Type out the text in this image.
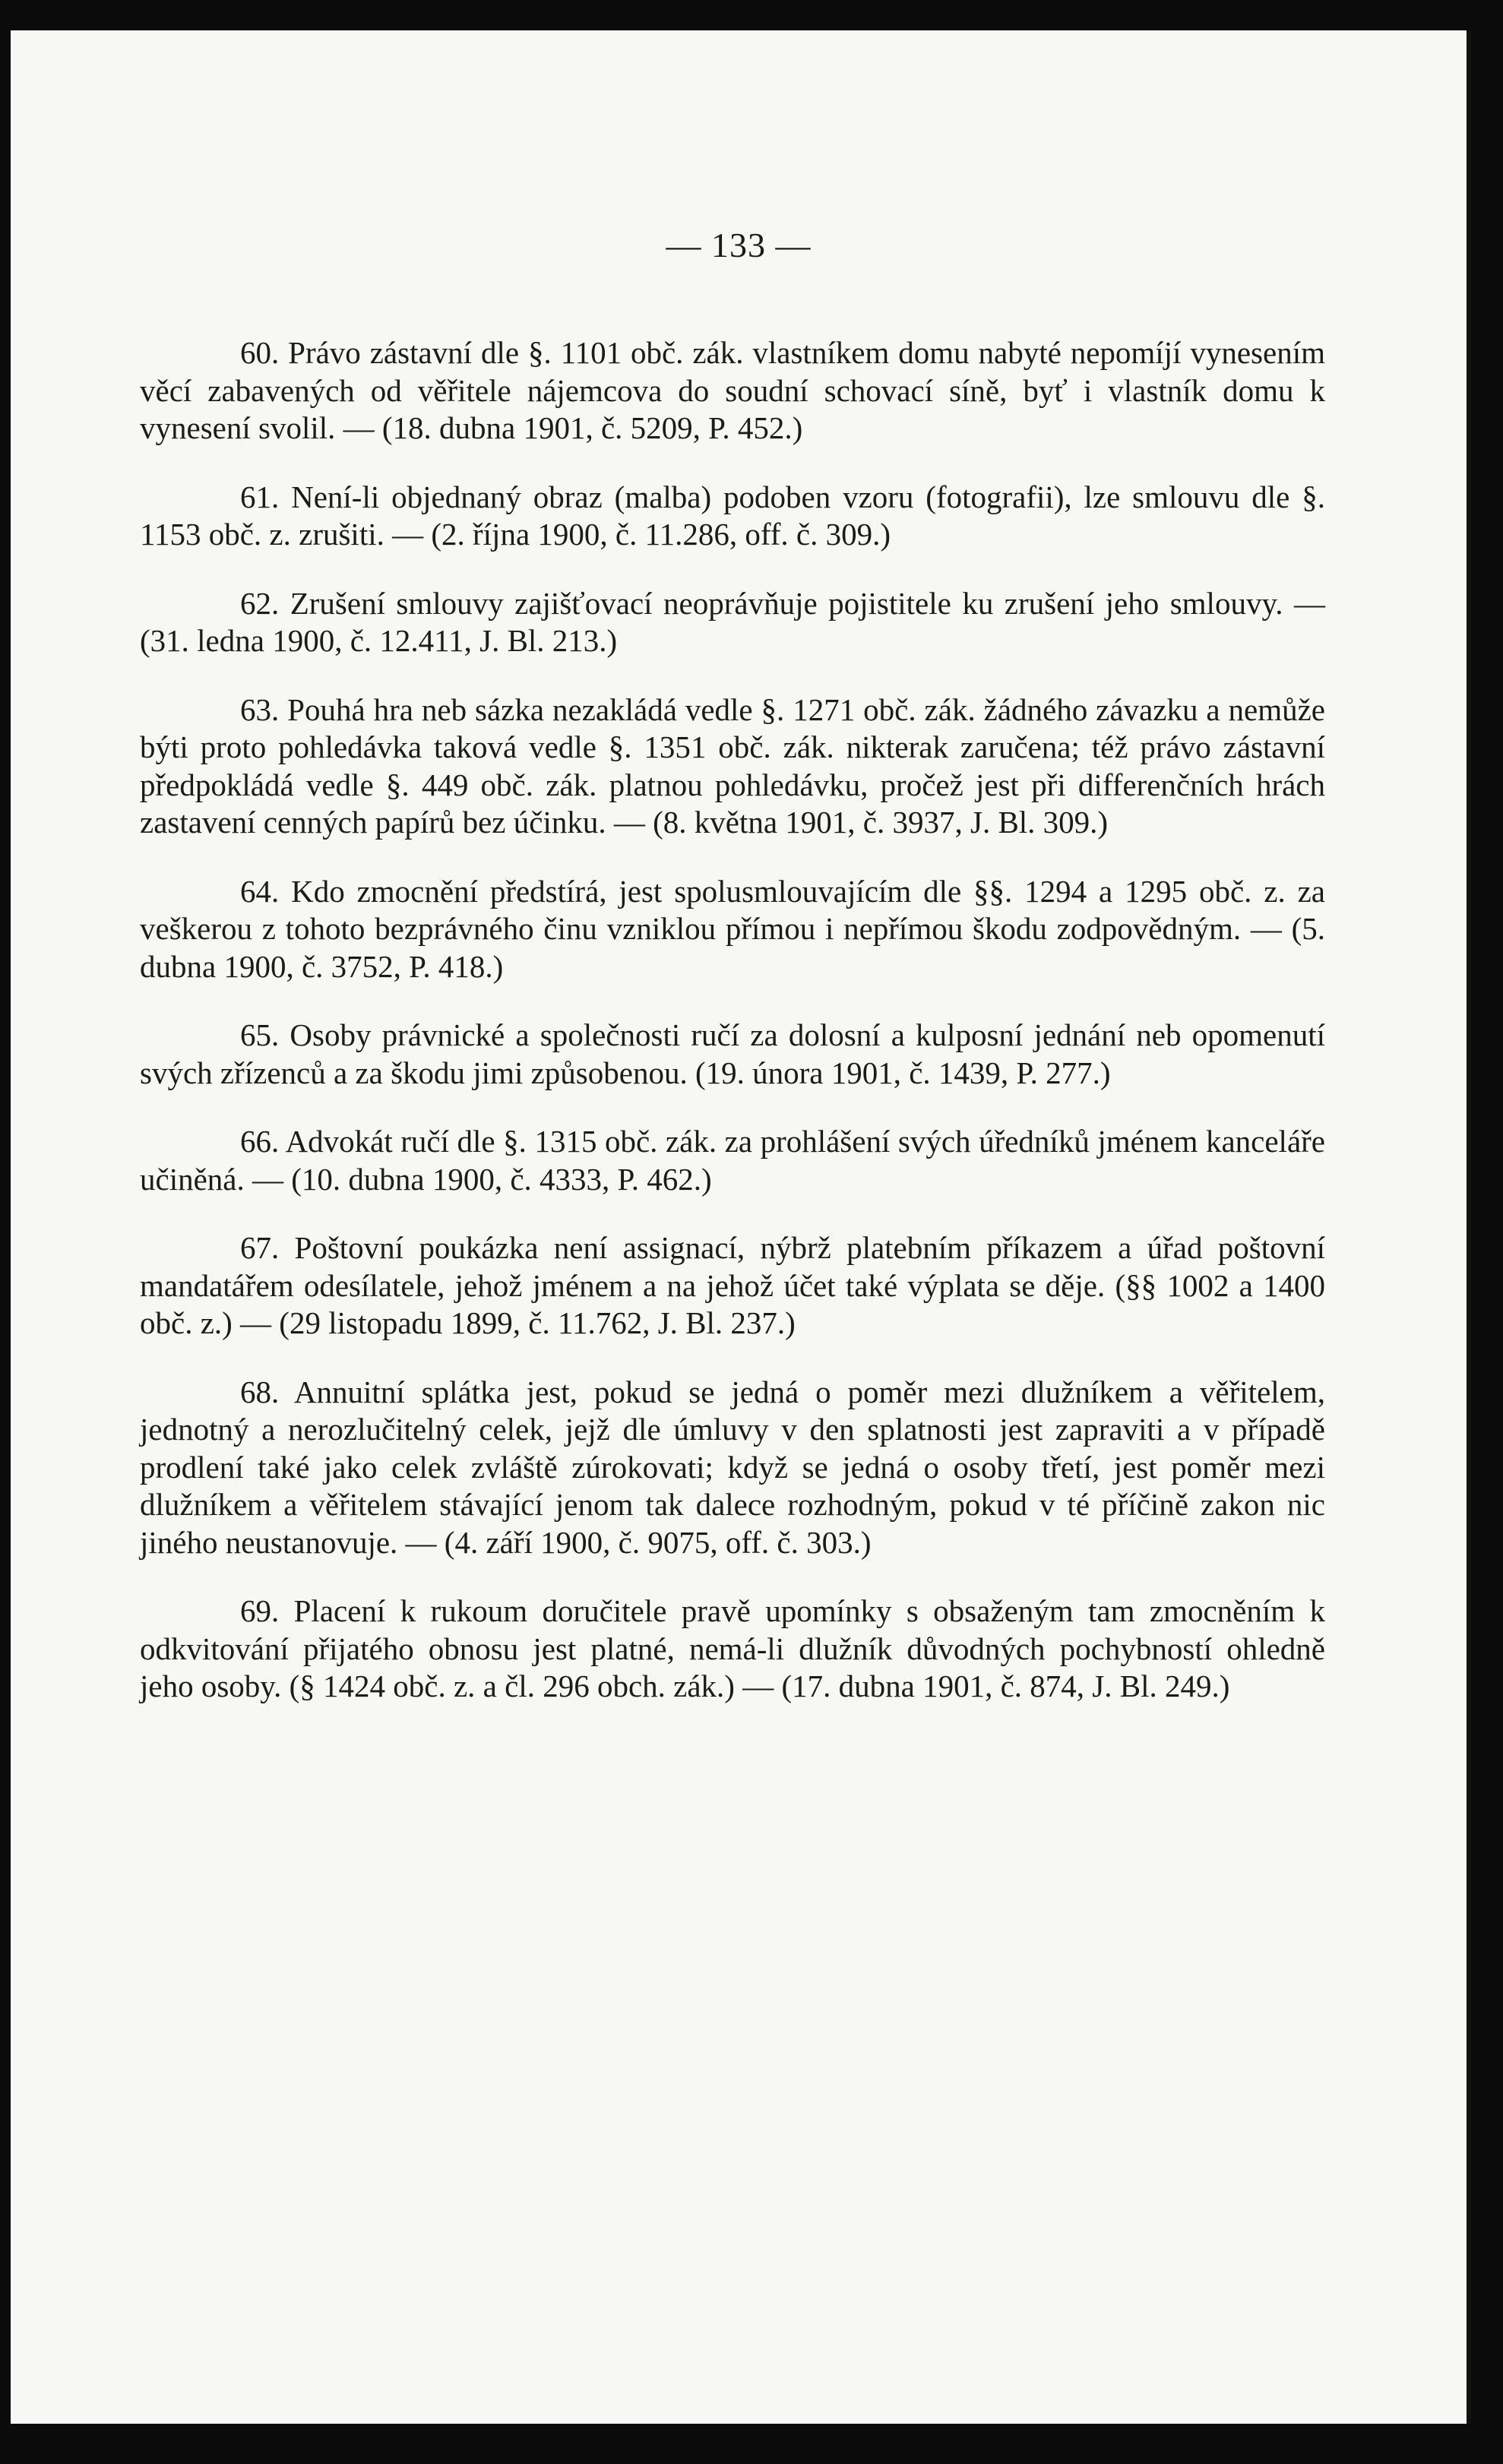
— 133 —

60. Právo zástavní dle §. 1101 obč. zák. vlastníkem domu nabyté nepomíjí vynesením věcí zabavených od věřitele nájemcova do soudní schovací síně, byť i vlastník domu k vynesení svolil. — (18. dubna 1901, č. 5209, P. 452.)

61. Není-li objednaný obraz (malba) podoben vzoru (fotografii), lze smlouvu dle §. 1153 obč. z. zrušiti. — (2. října 1900, č. 11.286, off. č. 309.)

62. Zrušení smlouvy zajišťovací neoprávňuje pojistitele ku zrušení jeho smlouvy. — (31. ledna 1900, č. 12.411, J. Bl. 213.)

63. Pouhá hra neb sázka nezakládá vedle §. 1271 obč. zák. žádného závazku a nemůže býti proto pohledávka taková vedle §. 1351 obč. zák. nikterak zaručena; též právo zástavní předpokládá vedle §. 449 obč. zák. platnou pohledávku, pročež jest při differenčních hrách zastavení cenných papírů bez účinku. — (8. května 1901, č. 3937, J. Bl. 309.)

64. Kdo zmocnění předstírá, jest spolusmlouvajícím dle §§. 1294 a 1295 obč. z. za veškerou z tohoto bezprávného činu vzniklou přímou i nepřímou škodu zodpovědným. — (5. dubna 1900, č. 3752, P. 418.)

65. Osoby právnické a společnosti ručí za dolosní a kulposní jednání neb opomenutí svých zřízenců a za škodu jimi způsobenou. (19. února 1901, č. 1439, P. 277.)

66. Advokát ručí dle §. 1315 obč. zák. za prohlášení svých úředníků jménem kanceláře učiněná. — (10. dubna 1900, č. 4333, P. 462.)

67. Poštovní poukázka není assignací, nýbrž platebním příkazem a úřad poštovní mandatářem odesílatele, jehož jménem a na jehož účet také výplata se děje. (§§ 1002 a 1400 obč. z.) — (29 listopadu 1899, č. 11.762, J. Bl. 237.)

68. Annuitní splátka jest, pokud se jedná o poměr mezi dlužníkem a věřitelem, jednotný a nerozlučitelný celek, jejž dle úmluvy v den splatnosti jest zapraviti a v případě prodlení také jako celek zvláště zúrokovati; když se jedná o osoby třetí, jest poměr mezi dlužníkem a věřitelem stávající jenom tak dalece rozhodným, pokud v té příčině zakon nic jiného neustanovuje. — (4. září 1900, č. 9075, off. č. 303.)

69. Placení k rukoum doručitele pravě upomínky s obsaženým tam zmocněním k odkvitování přijatého obnosu jest platné, nemá-li dlužník důvodných pochybností ohledně jeho osoby. (§ 1424 obč. z. a čl. 296 obch. zák.) — (17. dubna 1901, č. 874, J. Bl. 249.)
